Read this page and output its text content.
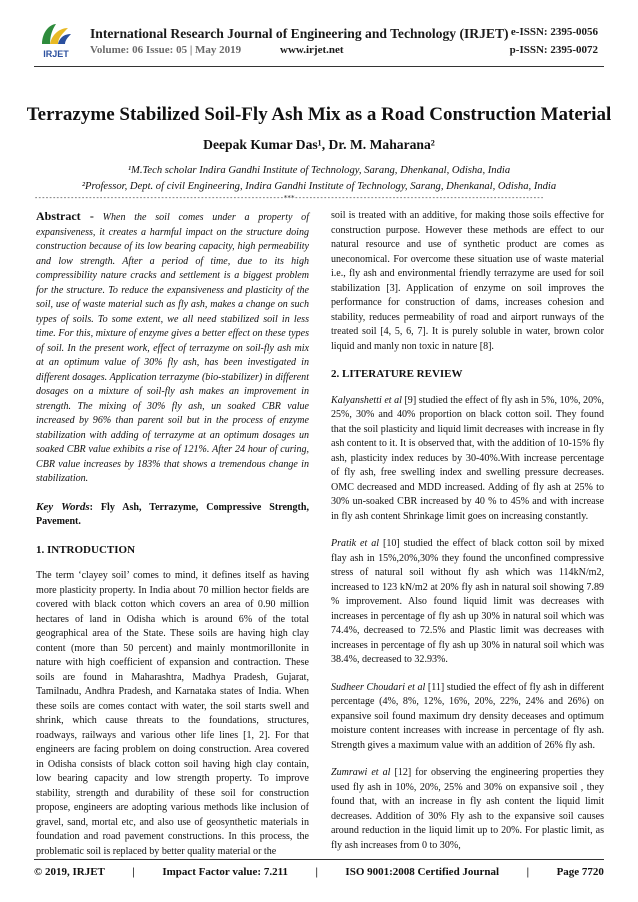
IRJET
International Research Journal of Engineering and Technology (IRJET)
Volume: 06 Issue: 05 | May 2019	www.irjet.net
e-ISSN: 2395-0056
p-ISSN: 2395-0072
Terrazyme Stabilized Soil-Fly Ash Mix as a Road Construction Material
Deepak Kumar Das¹, Dr. M. Maharana²
¹M.Tech scholar Indira Gandhi Institute of Technology, Sarang, Dhenkanal, Odisha, India
²Professor, Dept. of civil Engineering, Indira Gandhi Institute of Technology, Sarang, Dhenkanal, Odisha, India
---------------------------------------------------------------------***---------------------------------------------------------------------

Abstract - When the soil comes under a property of expansiveness, it creates a harmful impact on the structure doing construction because of its low bearing capacity, high permeability and low strength. After a period of time, due to its high compressibility nature cracks and settlement is a biggest problem for the structure. To reduce the expansiveness and plasticity of the soil, use of waste material such as fly ash, makes a change on such types of soils. To some extent, we all need stabilized soil in less time. For this, mixture of enzyme gives a better effect on these types of soil. In the present work, effect of terrazyme on soil-fly ash mix at an optimum value of 30% fly ash, has been investigated in different dosages. Application terrazyme (bio-stabilizer) in different dosages on a mixture of soil-fly ash makes an improvement in strength. The mixing of 30% fly ash, un soaked CBR value increased by 96% than parent soil but in the process of enzyme stabilization with adding of terrazyme at an optimum dosages un soaked CBR value exhibits a rise of 121%. After 24 hour of curing, CBR value increases by 183% that shows a tremendous change in stabilization.

Key Words: Fly Ash, Terrazyme, Compressive Strength, Pavement.

1. INTRODUCTION

The term ‘clayey soil’ comes to mind, it defines itself as having more plasticity property. In India about 70 million hector fields are covered with black cotton which covers an area of 0.90 million hectares of land in Odisha which is around 6% of the total geographical area of the State. These soils are having high clay content (more than 50 percent) and mainly montmorillonite in nature with high coefficient of expansion and contraction. These soils are found in Maharashtra, Madhya Pradesh, Gujarat, Tamilnadu, Andhra Pradesh, and Karnataka states of India. When these soils are comes contact with water, the soil starts swell and shrink, which cause threats to the foundations, structures, roadways, railways and various other life lines [1, 2]. For that engineers are facing problem on doing construction. Area covered in Odisha consists of black cotton soil having high clay contain, low bearing capacity and low strength property. To improve stability, strength and durability of these soil for construction propose, engineers are adopting various methods like inclusion of gravel, sand, mortal etc, and also use of geosynthetic materials in foundation and road pavement constructions. In this process, the problematic soil is replaced by better quality material or the

soil is treated with an additive, for making those soils effective for construction purpose. However these methods are effect to our natural resource and use of synthetic product are comes as uneconomical. For overcome these situation use of waste material i.e., fly ash and environmental friendly terrazyme are used for soil stabilization [3]. Application of enzyme on soil improves the performance for construction of dams, increases cohesion and stability, reduces permeability of road and airport runways of the treated soil [4, 5, 6, 7]. It is purely soluble in water, brown color liquid and manly non toxic in nature [8].

2. LITERATURE REVIEW

Kalyanshetti et al [9] studied the effect of fly ash in 5%, 10%, 20%, 25%, 30% and 40% proportion on black cotton soil. They found that the soil plasticity and liquid limit decreases with increase in fly ash content to it. It is observed that, with the addition of 10-15% fly ash, plasticity index reduces by 30-40%.With increase percentage of fly ash, free swelling index and swelling pressure decreases. OMC decreased and MDD increased. Adding of fly ash at 25% to 30% un-soaked CBR increased by 40 % to 45% and with increase in fly ash content Shrinkage limit goes on increasing constantly.

Pratik et al [10] studied the effect of black cotton soil by mixed flay ash in 15%,20%,30% they found the unconfined compressive stress of natural soil without fly ash which was 114kN/m2, increased to 123 kN/m2 at 20% fly ash in natural soil showing 7.89 % improvement. Also found liquid limit was decreases with increases in percentage of fly ash up 30% in natural soil which was 74.4%, decreased to 72.5% and Plastic limit was decreases with increases in percentage of fly ash up 30% in natural soil which was 38.4%, decreased to 32.93%.

Sudheer Choudari et al [11] studied the effect of fly ash in different percentage (4%, 8%, 12%, 16%, 20%, 22%, 24% and 26%) on expansive soil found maximum dry density deceases and optimum moisture content increases with increase in percentage of fly ash. Strength gives a maximum value with an addition of 26% fly ash.

Zumrawi et al [12] for observing the engineering properties they used fly ash in 10%, 20%, 25% and 30% on expansive soil , they found that, with an increase in fly ash content the liquid limit decreases. Addition of 30% Fly ash to the expansive soil causes around reduction in the liquid limit up to 20%. For plastic limit, as fly ash increases from 0 to 30%,

© 2019, IRJET	|	Impact Factor value: 7.211	|	ISO 9001:2008 Certified Journal	|	Page 7720
